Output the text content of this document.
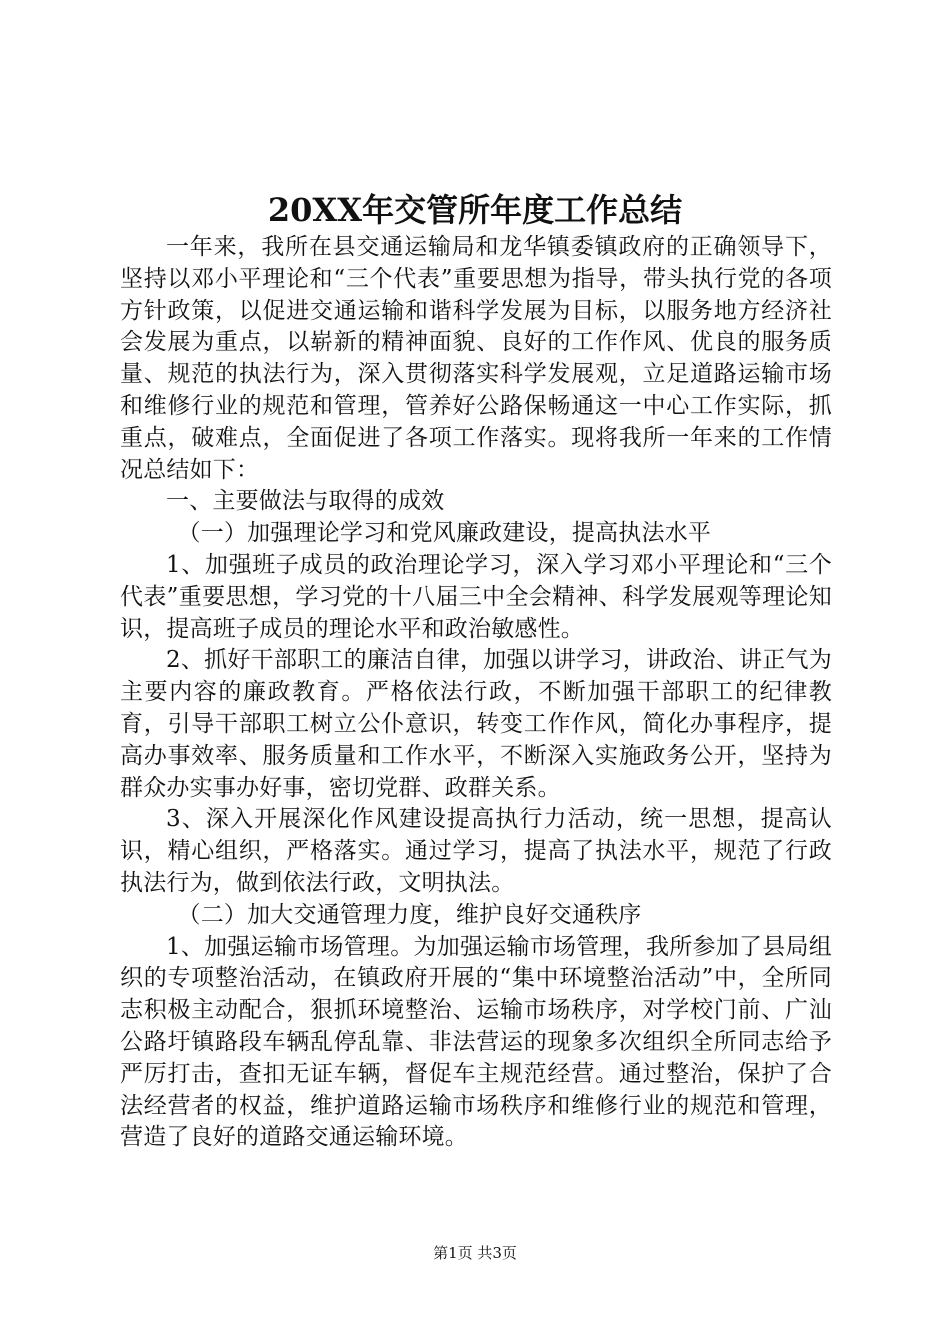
20XX年交管所年度工作总结

一年来，我所在县交通运输局和龙华镇委镇政府的正确领导下，坚持以邓小平理论和“三个代表”重要思想为指导，带头执行党的各项方针政策，以促进交通运输和谐科学发展为目标，以服务地方经济社会发展为重点，以崭新的精神面貌、良好的工作作风、优良的服务质量、规范的执法行为，深入贯彻落实科学发展观，立足道路运输市场和维修行业的规范和管理，管养好公路保畅通这一中心工作实际，抓重点，破难点，全面促进了各项工作落实。现将我所一年来的工作情况总结如下：

一、主要做法与取得的成效

（一）加强理论学习和党风廉政建设，提高执法水平

1、加强班子成员的政治理论学习，深入学习邓小平理论和“三个代表”重要思想，学习党的十八届三中全会精神、科学发展观等理论知识，提高班子成员的理论水平和政治敏感性。

2、抓好干部职工的廉洁自律，加强以讲学习，讲政治、讲正气为主要内容的廉政教育。严格依法行政，不断加强干部职工的纪律教育，引导干部职工树立公仆意识，转变工作作风，简化办事程序，提高办事效率、服务质量和工作水平，不断深入实施政务公开，坚持为群众办实事办好事，密切党群、政群关系。

3、深入开展深化作风建设提高执行力活动，统一思想，提高认识，精心组织，严格落实。通过学习，提高了执法水平，规范了行政执法行为，做到依法行政，文明执法。

（二）加大交通管理力度，维护良好交通秩序

1、加强运输市场管理。为加强运输市场管理，我所参加了县局组织的专项整治活动，在镇政府开展的“集中环境整治活动”中，全所同志积极主动配合，狠抓环境整治、运输市场秩序，对学校门前、广汕公路圩镇路段车辆乱停乱靠、非法营运的现象多次组织全所同志给予严厉打击，查扣无证车辆，督促车主规范经营。通过整治，保护了合法经营者的权益，维护道路运输市场秩序和维修行业的规范和管理，营造了良好的道路交通运输环境。

第1页 共3页
